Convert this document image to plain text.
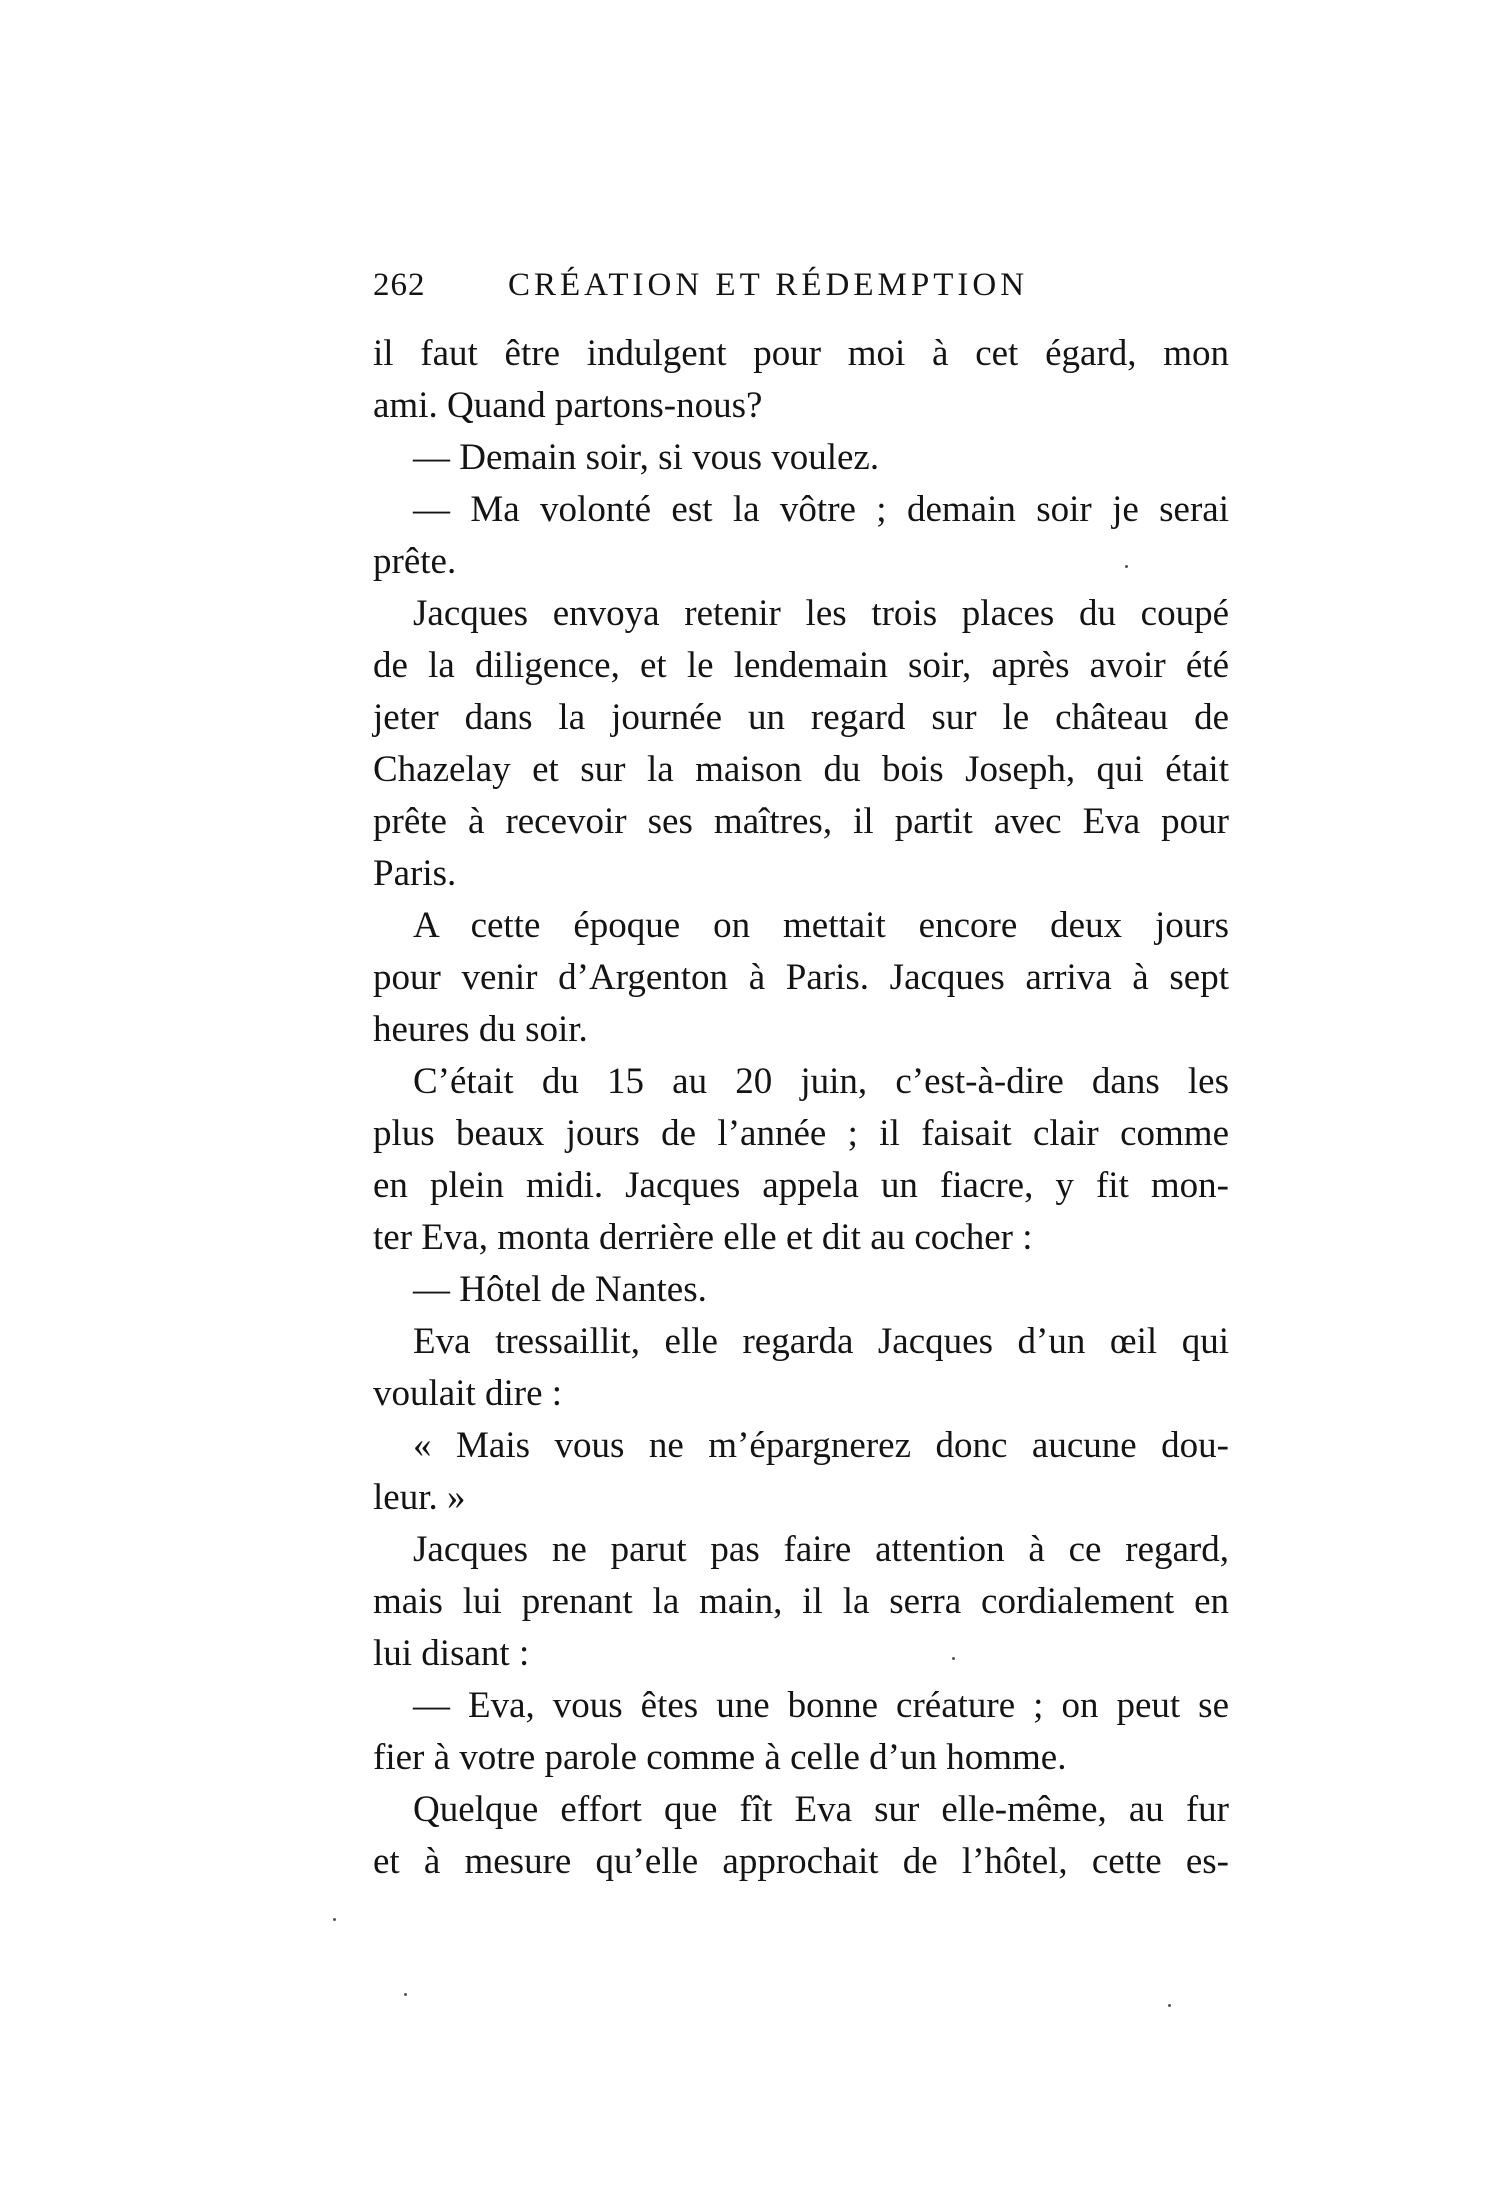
262	CRÉATION ET RÉDEMPTION
il faut être indulgent pour moi à cet égard, mon
ami. Quand partons-nous?
— Demain soir, si vous voulez.
— Ma volonté est la vôtre ; demain soir je serai
prête.
Jacques envoya retenir les trois places du coupé
de la diligence, et le lendemain soir, après avoir été
jeter dans la journée un regard sur le château de
Chazelay et sur la maison du bois Joseph, qui était
prête à recevoir ses maîtres, il partit avec Eva pour
Paris.
A cette époque on mettait encore deux jours
pour venir d’Argenton à Paris. Jacques arriva à sept
heures du soir.
C’était du 15 au 20 juin, c’est-à-dire dans les
plus beaux jours de l’année ; il faisait clair comme
en plein midi. Jacques appela un fiacre, y fit mon-
ter Eva, monta derrière elle et dit au cocher :
— Hôtel de Nantes.
Eva tressaillit, elle regarda Jacques d’un œil qui
voulait dire :
« Mais vous ne m’épargnerez donc aucune dou-
leur. »
Jacques ne parut pas faire attention à ce regard,
mais lui prenant la main, il la serra cordialement en
lui disant :
— Eva, vous êtes une bonne créature ; on peut se
fier à votre parole comme à celle d’un homme.
Quelque effort que fît Eva sur elle-même, au fur
et à mesure qu’elle approchait de l’hôtel, cette es-
